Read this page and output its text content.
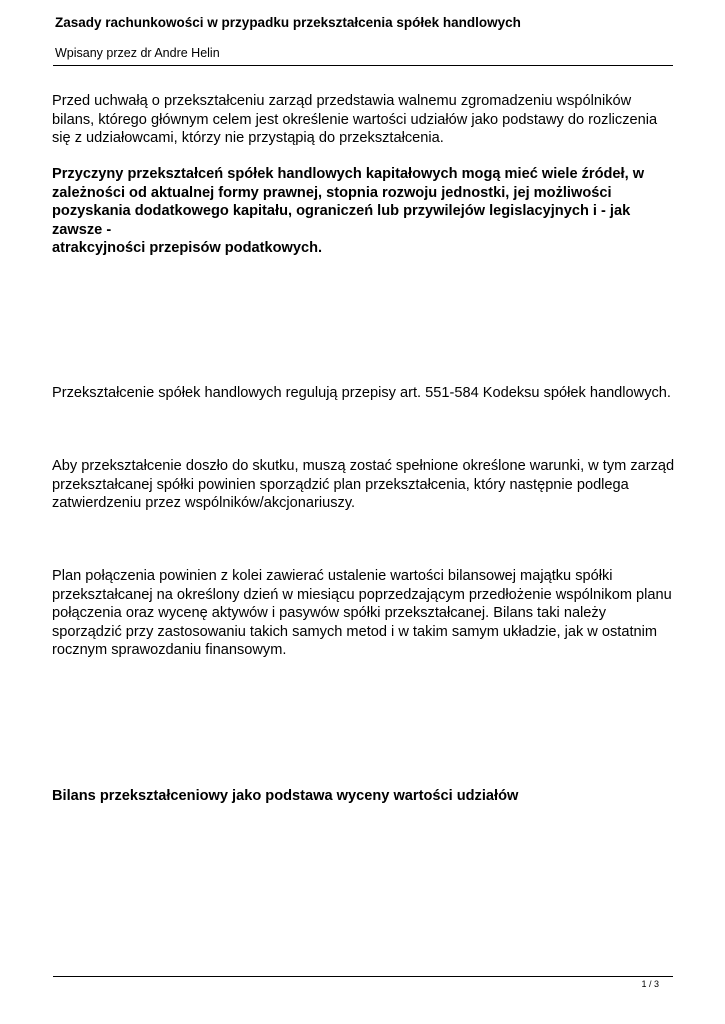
Zasady rachunkowości w przypadku przekształcenia spółek handlowych
Wpisany przez dr Andre Helin

Przed uchwałą o przekształceniu zarząd przedstawia walnemu zgromadzeniu wspólników bilans, którego głównym celem jest określenie wartości udziałów jako podstawy do rozliczenia się z udziałowcami, którzy nie przystąpią do przekształcenia.

Przyczyny przekształceń spółek handlowych kapitałowych mogą mieć wiele źródeł, w zależności od aktualnej formy prawnej, stopnia rozwoju jednostki, jej możliwości pozyskania dodatkowego kapitału, ograniczeń lub przywilejów legislacyjnych i - jak zawsze -
atrakcyjności przepisów podatkowych.

Przekształcenie spółek handlowych regulują przepisy art. 551-584 Kodeksu spółek handlowych.

Aby przekształcenie doszło do skutku, muszą zostać spełnione określone warunki, w tym zarząd przekształcanej spółki powinien sporządzić plan przekształcenia, który następnie podlega zatwierdzeniu przez wspólników/akcjonariuszy.

Plan połączenia powinien z kolei zawierać ustalenie wartości bilansowej majątku spółki przekształcanej na określony dzień w miesiącu poprzedzającym przedłożenie wspólnikom planu połączenia oraz wycenę aktywów i pasywów spółki przekształcanej. Bilans taki należy sporządzić przy zastosowaniu takich samych metod i w takim samym układzie, jak w ostatnim rocznym sprawozdaniu finansowym.

Bilans przekształceniowy jako podstawa wyceny wartości udziałów

1 / 3
